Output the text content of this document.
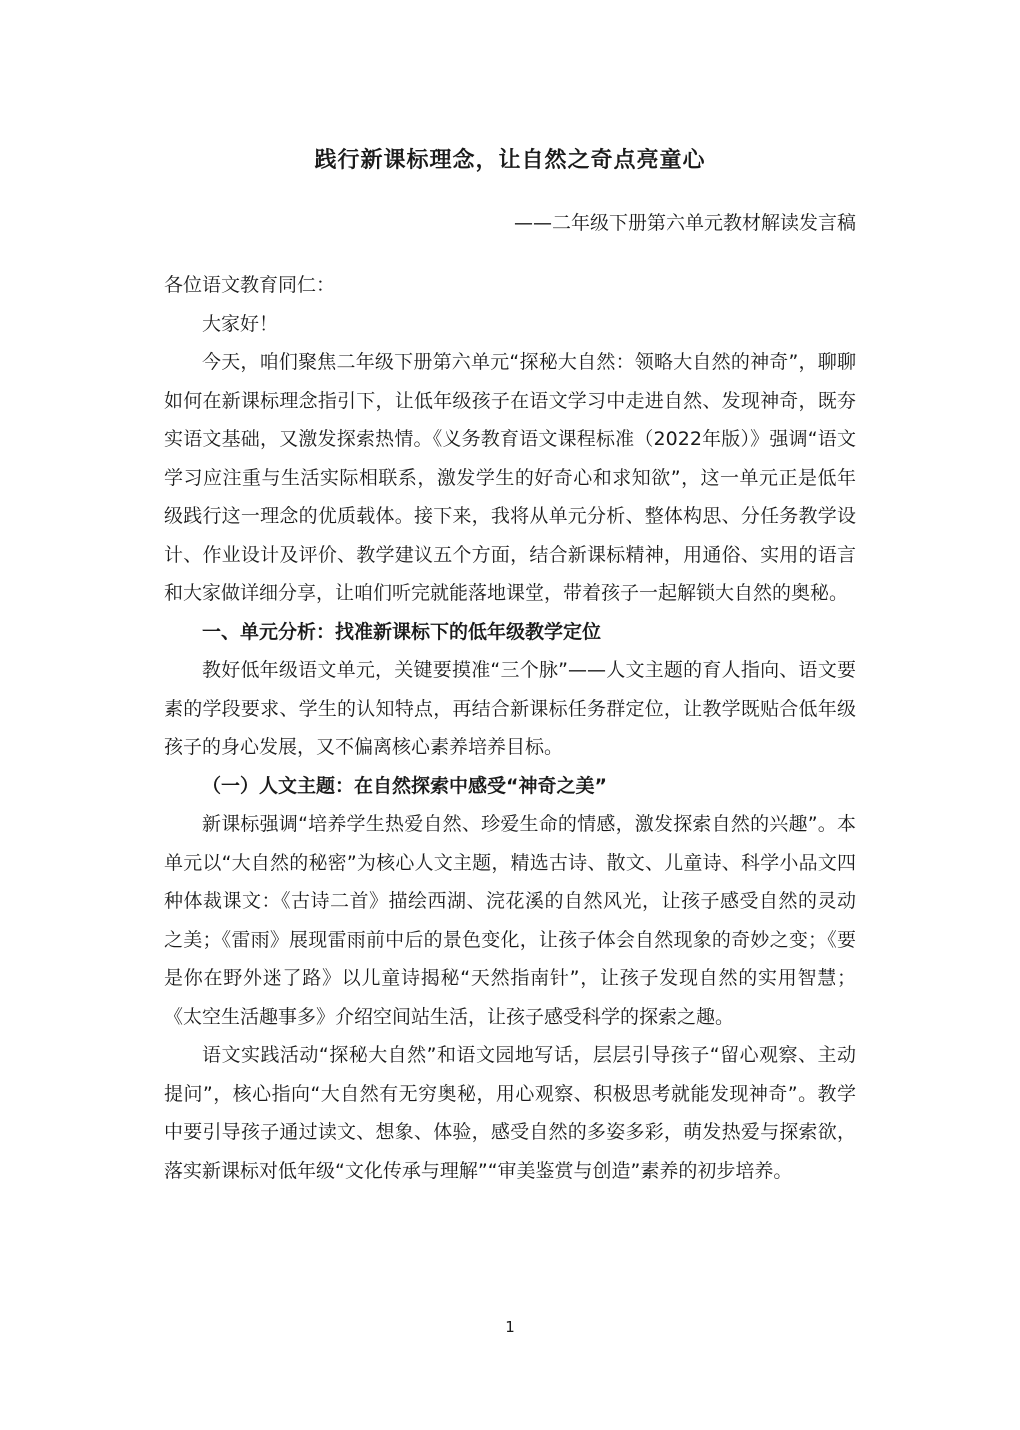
践行新课标理念，让自然之奇点亮童心
——二年级下册第六单元教材解读发言稿

各位语文教育同仁：

大家好！

今天，咱们聚焦二年级下册第六单元“探秘大自然：领略大自然的神奇”，聊聊如何在新课标理念指引下，让低年级孩子在语文学习中走进自然、发现神奇，既夯实语文基础，又激发探索热情。《义务教育语文课程标准（2022年版）》强调“语文学习应注重与生活实际相联系，激发学生的好奇心和求知欲”，这一单元正是低年级践行这一理念的优质载体。接下来，我将从单元分析、整体构思、分任务教学设计、作业设计及评价、教学建议五个方面，结合新课标精神，用通俗、实用的语言和大家做详细分享，让咱们听完就能落地课堂，带着孩子一起解锁大自然的奥秘。

一、单元分析：找准新课标下的低年级教学定位

教好低年级语文单元，关键要摸准“三个脉”——人文主题的育人指向、语文要素的学段要求、学生的认知特点，再结合新课标任务群定位，让教学既贴合低年级孩子的身心发展，又不偏离核心素养培养目标。

（一）人文主题：在自然探索中感受“神奇之美”

新课标强调“培养学生热爱自然、珍爱生命的情感，激发探索自然的兴趣”。本单元以“大自然的秘密”为核心人文主题，精选古诗、散文、儿童诗、科学小品文四种体裁课文：《古诗二首》描绘西湖、浣花溪的自然风光，让孩子感受自然的灵动之美；《雷雨》展现雷雨前中后的景色变化，让孩子体会自然现象的奇妙之变；《要是你在野外迷了路》以儿童诗揭秘“天然指南针”，让孩子发现自然的实用智慧；《太空生活趣事多》介绍空间站生活，让孩子感受科学的探索之趣。

语文实践活动“探秘大自然”和语文园地写话，层层引导孩子“留心观察、主动提问”，核心指向“大自然有无穷奥秘，用心观察、积极思考就能发现神奇”。教学中要引导孩子通过读文、想象、体验，感受自然的多姿多彩，萌发热爱与探索欲，落实新课标对低年级“文化传承与理解”“审美鉴赏与创造”素养的初步培养。

1
